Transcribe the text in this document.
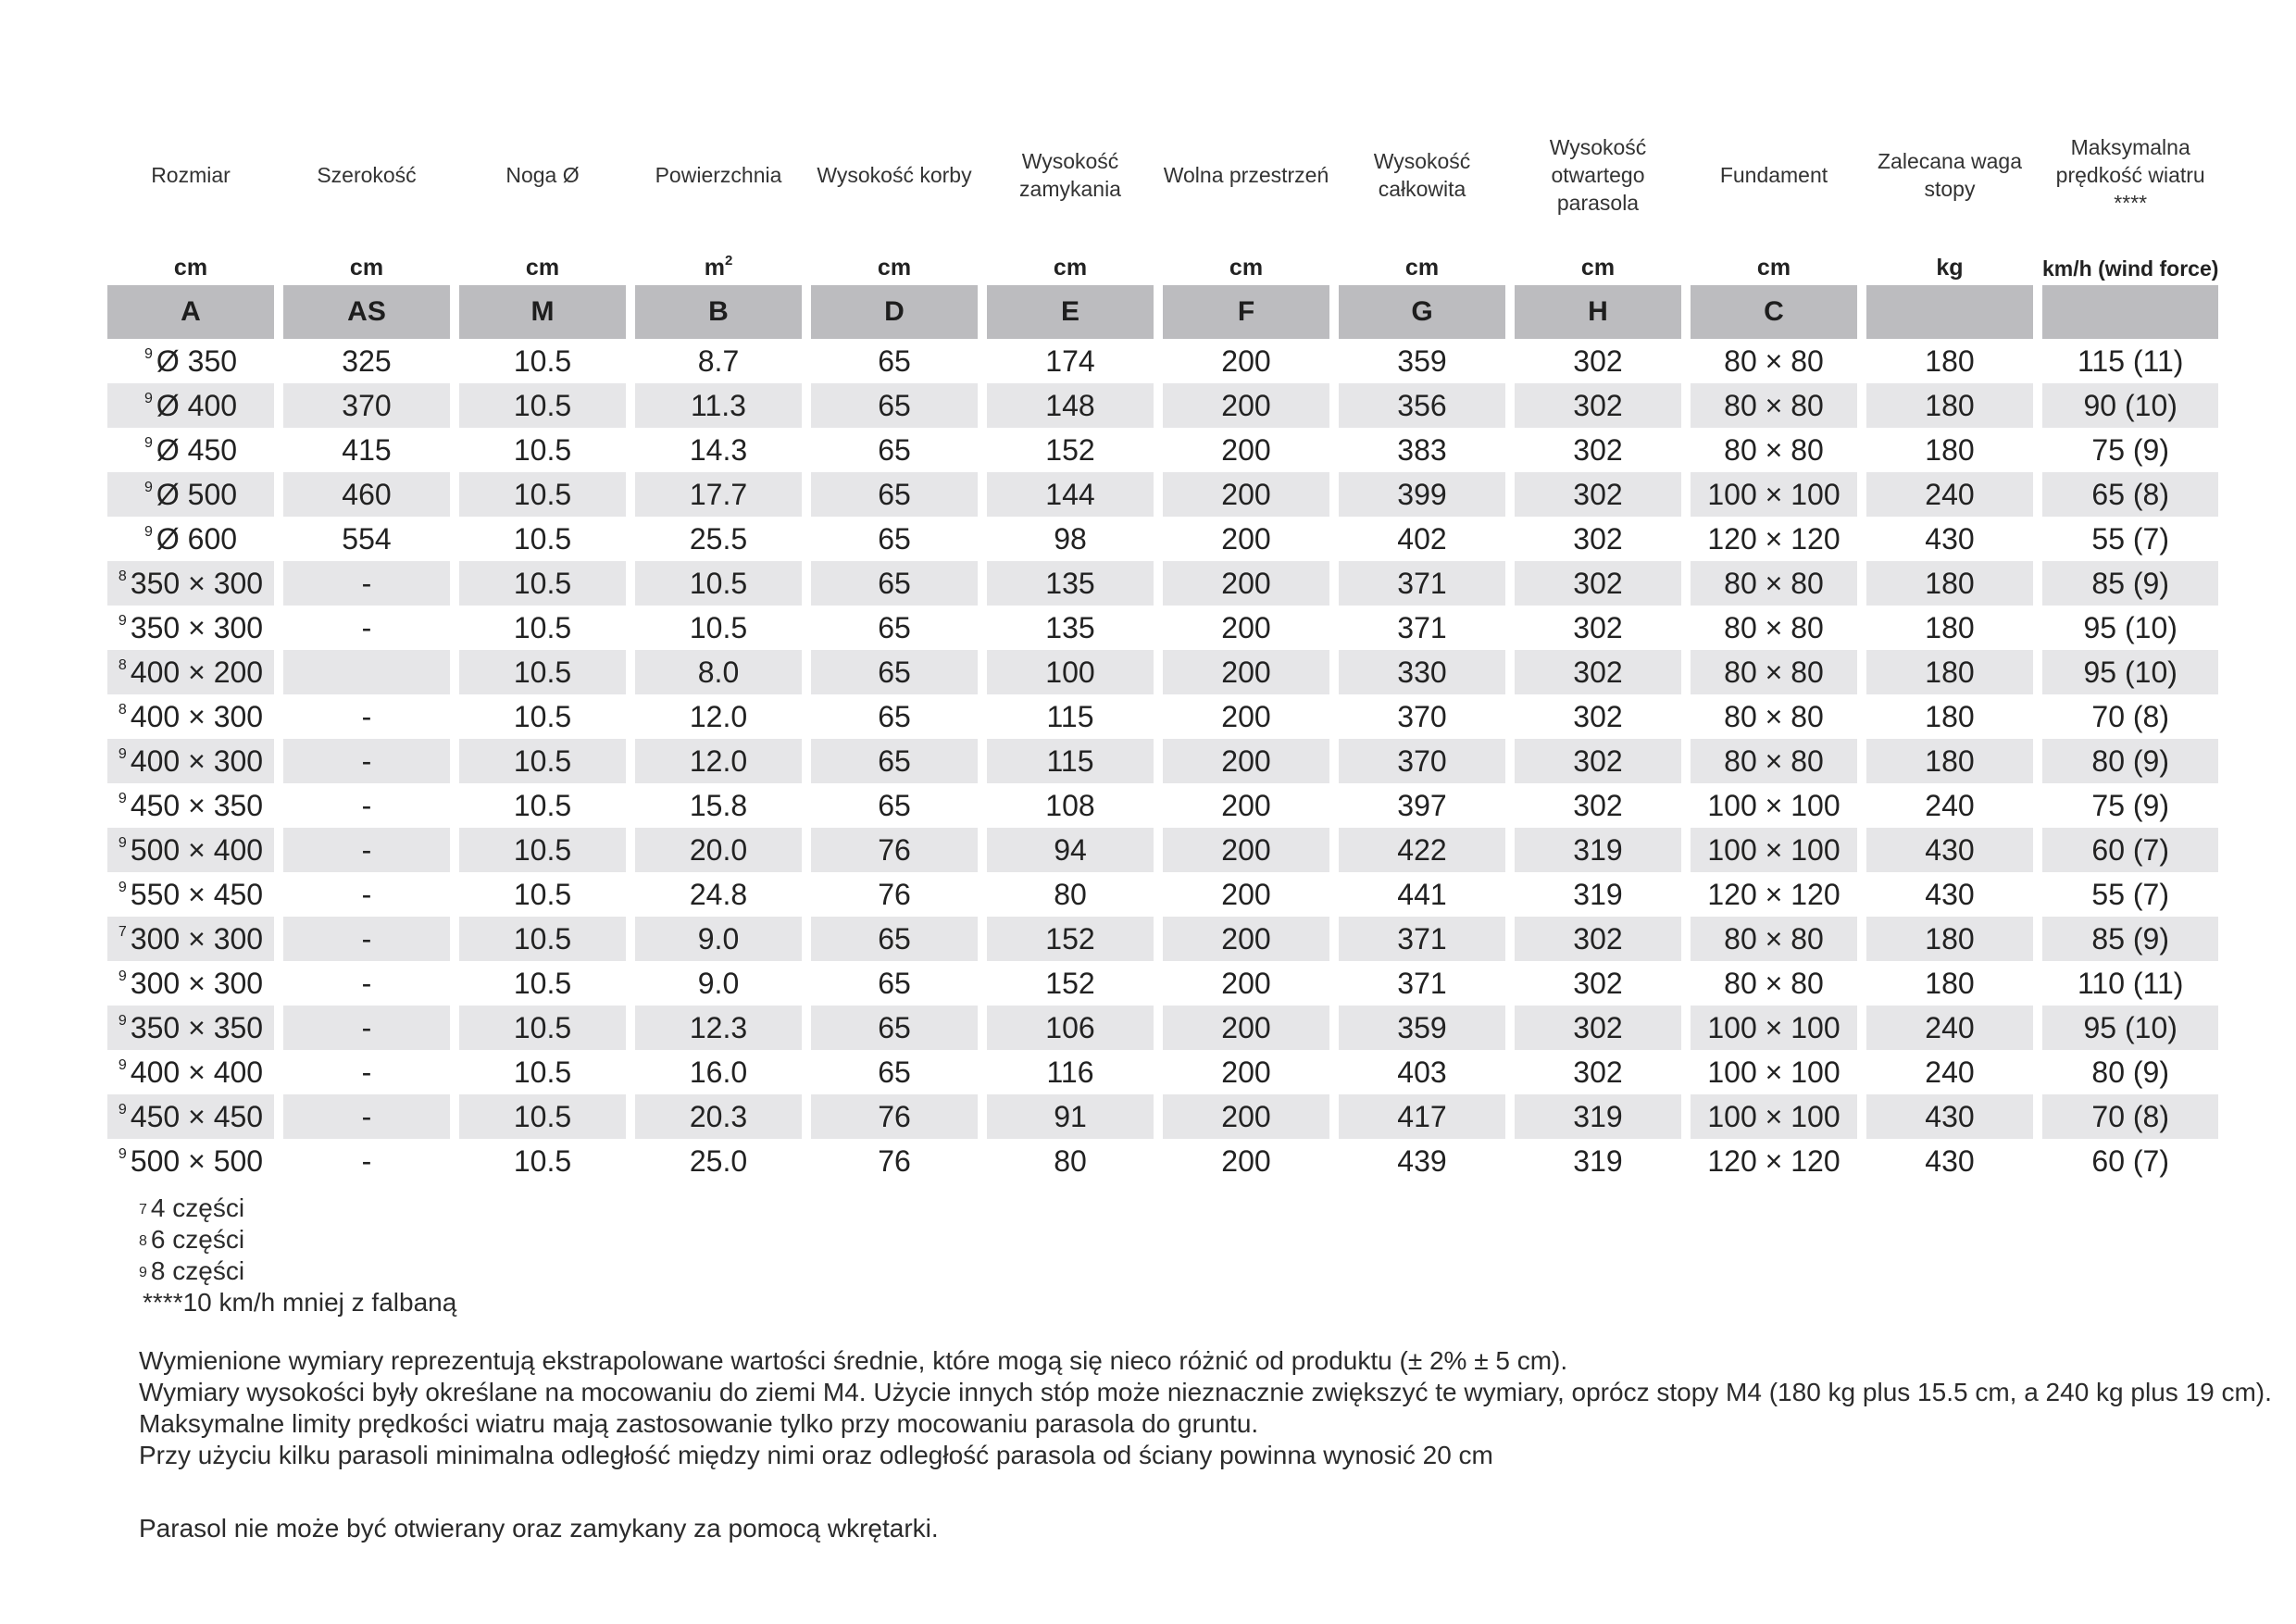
Rozmiar	Szerokość	Noga Ø	Powierzchnia	Wysokość korby	Wysokość zamykania	Wolna przestrzeń	Wysokość całkowita	Wysokość otwartego parasola	Fundament	Zalecana waga stopy	Maksymalna prędkość wiatru ****
cm	cm	cm	$m^2$	cm	cm	cm	cm	cm	cm	kg	km/h (wind force)
A	AS	M	B	D	E	F	G	H	C		
$^9$ Ø 350	325	10.5	8.7	65	174	200	359	302	80 × 80	180	115 (11)
$^9$ Ø 400	370	10.5	11.3	65	148	200	356	302	80 × 80	180	90 (10)
$^9$ Ø 450	415	10.5	14.3	65	152	200	383	302	80 × 80	180	75 (9)
$^9$ Ø 500	460	10.5	17.7	65	144	200	399	302	100 × 100	240	65 (8)
$^9$ Ø 600	554	10.5	25.5	65	98	200	402	302	120 × 120	430	55 (7)
$^8$ 350 × 300	-	10.5	10.5	65	135	200	371	302	80 × 80	180	85 (9)
$^9$ 350 × 300	-	10.5	10.5	65	135	200	371	302	80 × 80	180	95 (10)
$^8$ 400 × 200		10.5	8.0	65	100	200	330	302	80 × 80	180	95 (10)
$^8$ 400 × 300	-	10.5	12.0	65	115	200	370	302	80 × 80	180	70 (8)
$^9$ 400 × 300	-	10.5	12.0	65	115	200	370	302	80 × 80	180	80 (9)
$^9$ 450 × 350	-	10.5	15.8	65	108	200	397	302	100 × 100	240	75 (9)
$^9$ 500 × 400	-	10.5	20.0	76	94	200	422	319	100 × 100	430	60 (7)
$^9$ 550 × 450	-	10.5	24.8	76	80	200	441	319	120 × 120	430	55 (7)
$^7$ 300 × 300	-	10.5	9.0	65	152	200	371	302	80 × 80	180	85 (9)
$^9$ 300 × 300	-	10.5	9.0	65	152	200	371	302	80 × 80	180	110 (11)
$^9$ 350 × 350	-	10.5	12.3	65	106	200	359	302	100 × 100	240	95 (10)
$^9$ 400 × 400	-	10.5	16.0	65	116	200	403	302	100 × 100	240	80 (9)
$^9$ 450 × 450	-	10.5	20.3	76	91	200	417	319	100 × 100	430	70 (8)
$^9$ 500 × 500	-	10.5	25.0	76	80	200	439	319	120 × 120	430	60 (7)
$^7$ 4 części
$^8$ 6 części
$^9$ 8 części
****10 km/h mniej z falbaną
Wymienione wymiary reprezentują ekstrapolowane wartości średnie, które mogą się nieco różnić od produktu (± 2% ± 5 cm).
Wymiary wysokości były określane na mocowaniu do ziemi M4. Użycie innych stóp może nieznacznie zwiększyć te wymiary, oprócz stopy M4 (180 kg plus 15.5 cm, a 240 kg plus 19 cm).
Maksymalne limity prędkości wiatru mają zastosowanie tylko przy mocowaniu parasola do gruntu.
Przy użyciu kilku parasoli minimalna odległość między nimi oraz odległość parasola od ściany powinna wynosić 20 cm
Parasol nie może być otwierany oraz zamykany za pomocą wkrętarki.
